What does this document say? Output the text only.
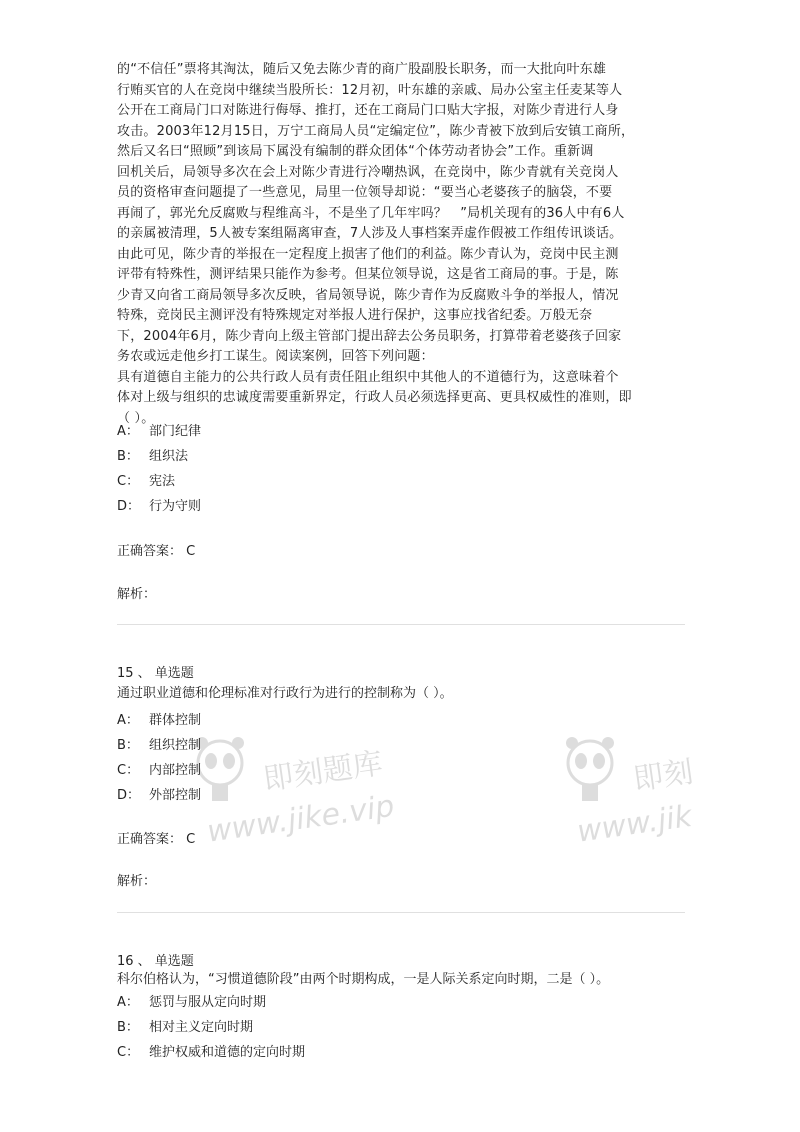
的“不信任”票将其淘汰，随后又免去陈少青的商广股副股长职务，而一大批向叶东雄

行贿买官的人在竞岗中继续当股所长：12月初，叶东雄的亲戚、局办公室主任麦某等人

公开在工商局门口对陈进行侮辱、推打，还在工商局门口贴大字报，对陈少青进行人身

攻击。2003年12月15日，万宁工商局人员“定编定位”，陈少青被下放到后安镇工商所，

然后又名曰“照顾”到该局下属没有编制的群众团体“个体劳动者协会”工作。重新调

回机关后，局领导多次在会上对陈少青进行冷嘲热讽，在竞岗中，陈少青就有关竞岗人

员的资格审查问题提了一些意见，局里一位领导却说：“要当心老婆孩子的脑袋，不要

再闹了，郭光允反腐败与程维高斗，不是坐了几年牢吗？　”局机关现有的36人中有6人

的亲属被清理，5人被专案组隔离审查，7人涉及人事档案弄虚作假被工作组传讯谈话。

由此可见，陈少青的举报在一定程度上损害了他们的利益。陈少青认为，竞岗中民主测

评带有特殊性，测评结果只能作为参考。但某位领导说，这是省工商局的事。于是，陈

少青又向省工商局领导多次反映，省局领导说，陈少青作为反腐败斗争的举报人，情况

特殊，竞岗民主测评没有特殊规定对举报人进行保护，这事应找省纪委。万般无奈

下，2004年6月，陈少青向上级主管部门提出辞去公务员职务，打算带着老婆孩子回家

务农或远走他乡打工谋生。阅读案例，回答下列问题：

具有道德自主能力的公共行政人员有责任阻止组织中其他人的不道德行为，这意味着个

体对上级与组织的忠诚度需要重新界定，行政人员必须选择更高、更具权威性的准则，即

（ ）。

A： 部门纪律
B： 组织法
C： 宪法
D： 行为守则
正确答案： C
解析：
15 、 单选题
通过职业道德和伦理标准对行政行为进行的控制称为（ ）。
A： 群体控制
B： 组织控制
C： 内部控制
D： 外部控制
正确答案： C
解析：
16 、 单选题
科尔伯格认为，“习惯道德阶段”由两个时期构成，一是人际关系定向时期，二是（ ）。
A： 惩罚与服从定向时期
B： 相对主义定向时期
C： 维护权威和道德的定向时期
即刻题库
www.jike.vip
即刻
www.jik
